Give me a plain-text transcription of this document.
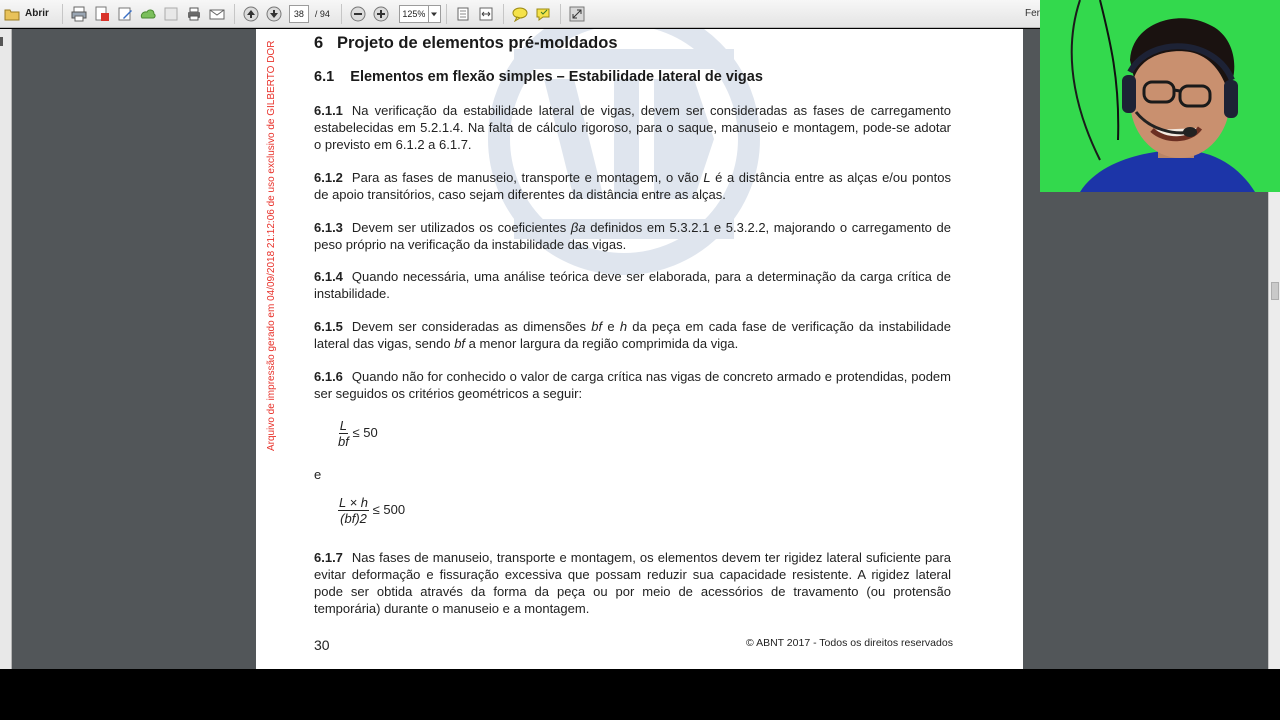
Abrir	38	/ 94	125%	Fer
Arquivo de impressão gerado em 04/09/2018 21:12:06 de uso exclusivo de GILBERTO DOR 6 Projeto de elementos pré-moldados
6.1 Elementos em flexão simples – Estabilidade lateral de vigas
6.1.1 Na verificação da estabilidade lateral de vigas, devem ser consideradas as fases de carregamento estabelecidas em 5.2.1.4. Na falta de cálculo rigoroso, para o saque, manuseio e montagem, pode-se adotar o previsto em 6.1.2 a 6.1.7.
6.1.2 Para as fases de manuseio, transporte e montagem, o vão L é a distância entre as alças e/ou pontos de apoio transitórios, caso sejam diferentes da distância entre as alças.
6.1.3 Devem ser utilizados os coeficientes βa definidos em 5.3.2.1 e 5.3.2.2, majorando o carregamento de peso próprio na verificação da instabilidade das vigas.
6.1.4 Quando necessária, uma análise teórica deve ser elaborada, para a determinação da carga crítica de instabilidade.
6.1.5 Devem ser consideradas as dimensões bf e h da peça em cada fase de verificação da instabilidade lateral das vigas, sendo bf a menor largura da região comprimida da viga.
6.1.6 Quando não for conhecido o valor de carga crítica nas vigas de concreto armado e protendidas, podem ser seguidos os critérios geométricos a seguir:
$\frac{L}{bf} \le 50$
e
$\frac{L \times h}{(bf)2} \le 500$
6.1.7 Nas fases de manuseio, transporte e montagem, os elementos devem ter rigidez lateral suficiente para evitar deformação e fissuração excessiva que possam reduzir sua capacidade resistente. A rigidez lateral pode ser obtida através da forma da peça ou por meio de acessórios de travamento (ou protensão temporária) durante o manuseio e a montagem.
30	© ABNT 2017 - Todos os direitos reservados
